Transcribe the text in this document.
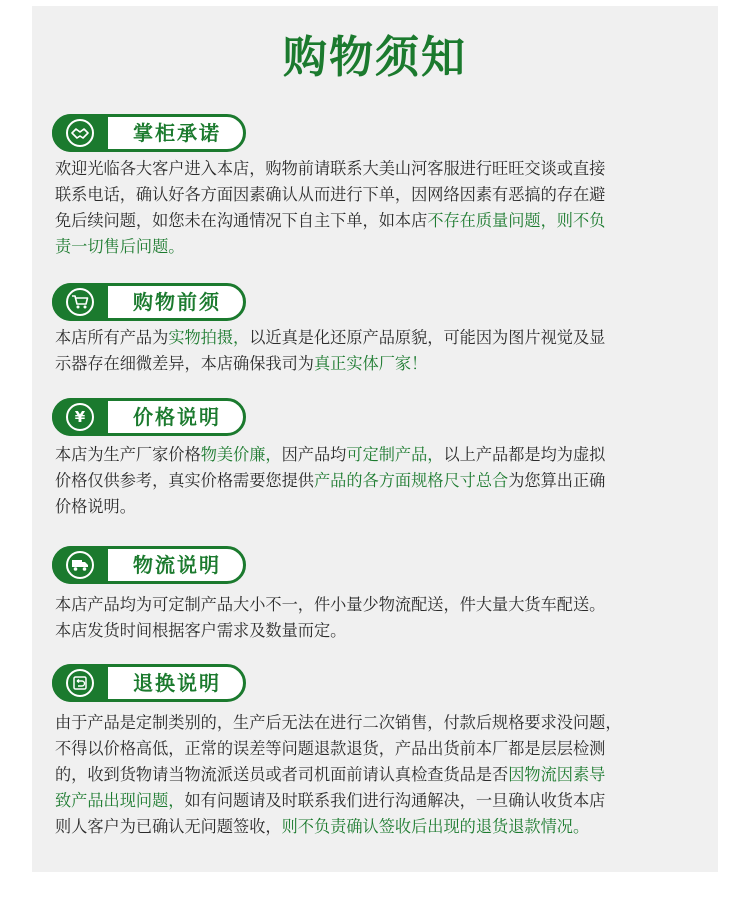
购物须知
掌柜承诺
欢迎光临各大客户进入本店，购物前请联系大美山河客服进行旺旺交谈或直接
联系电话，确认好各方面因素确认从而进行下单，因网络因素有恶搞的存在避
免后续问题，如您未在沟通情况下自主下单，如本店不存在质量问题，则不负
责一切售后问题。
购物前须
本店所有产品为实物拍摄，以近真是化还原产品原貌，可能因为图片视觉及显
示器存在细微差异，本店确保我司为真正实体厂家！
¥	价格说明
本店为生产厂家价格物美价廉，因产品均可定制产品，以上产品都是均为虚拟
价格仅供参考，真实价格需要您提供产品的各方面规格尺寸总合为您算出正确
价格说明。
物流说明
本店产品均为可定制产品大小不一，件小量少物流配送，件大量大货车配送。
本店发货时间根据客户需求及数量而定。
退换说明
由于产品是定制类别的，生产后无法在进行二次销售，付款后规格要求没问题，
不得以价格高低，正常的误差等问题退款退货，产品出货前本厂都是层层检测
的，收到货物请当物流派送员或者司机面前请认真检查货品是否因物流因素导
致产品出现问题，如有问题请及时联系我们进行沟通解决，一旦确认收货本店
则人客户为已确认无问题签收，则不负责确认签收后出现的退货退款情况。
